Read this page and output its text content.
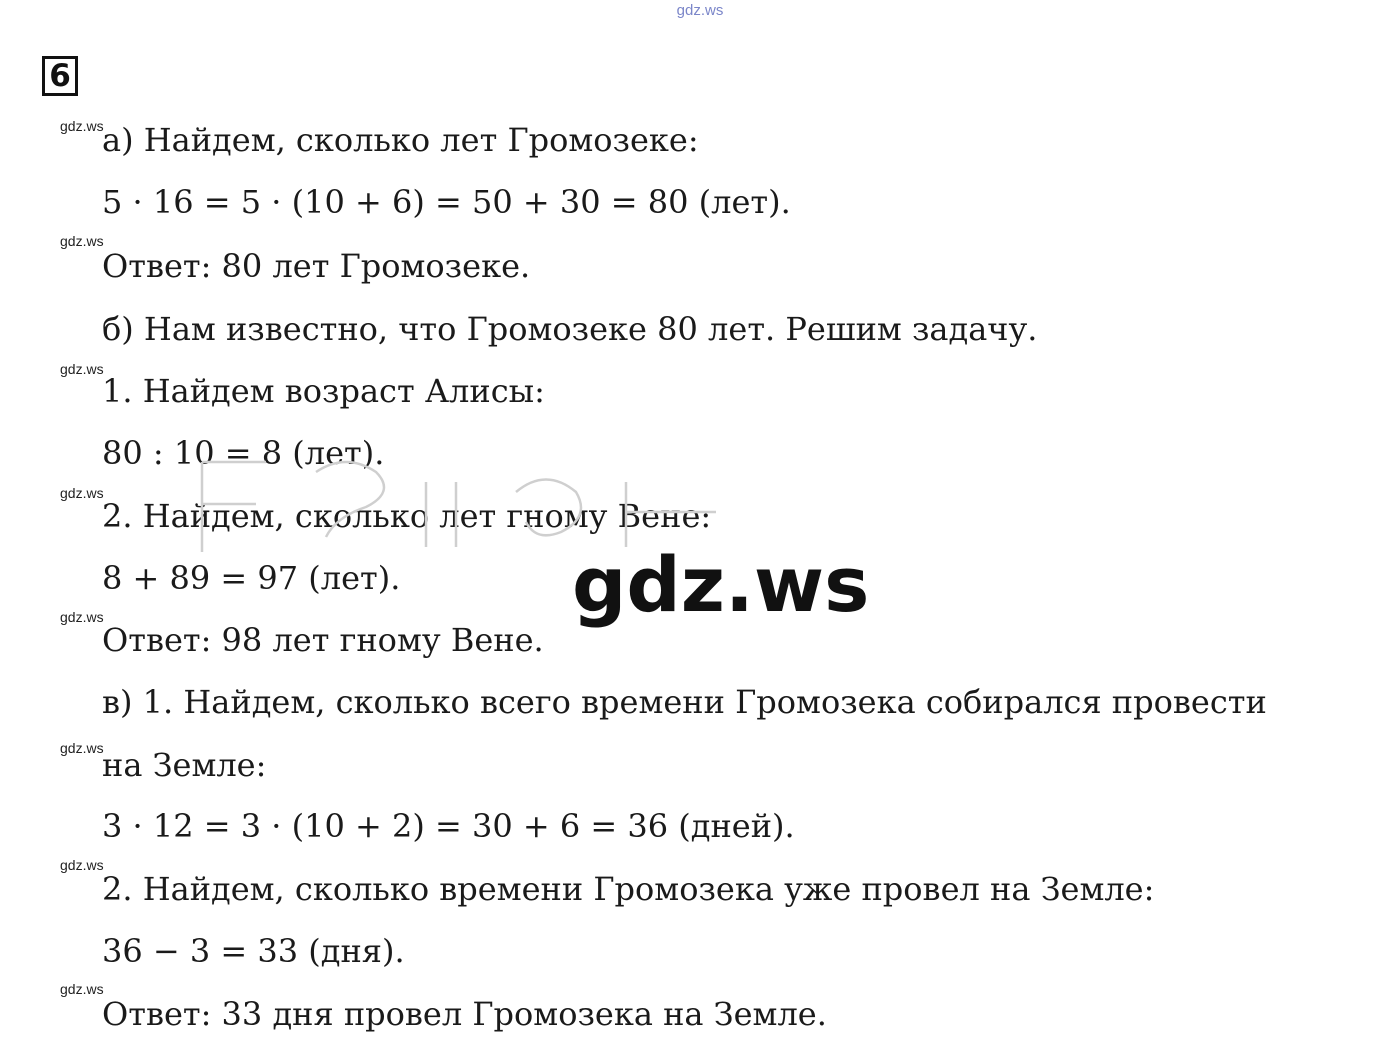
gdz.ws
6
gdz.ws
gdz.ws
gdz.ws
gdz.ws
gdz.ws
gdz.ws
gdz.ws
gdz.ws
а) Найдем, сколько лет Громозеке:
5 · 16 = 5 · (10 + 6) = 50 + 30 = 80 (лет).
Ответ: 80 лет Громозеке.
б) Нам известно, что Громозеке 80 лет. Решим задачу.
1. Найдем возраст Алисы:
80 : 10 = 8 (лет).
2. Найдем, сколько лет гному Вене:
8 + 89 = 97 (лет).
Ответ: 98 лет гному Вене.
в) 1. Найдем, сколько всего времени Громозека собирался провести
на Земле:
3 · 12 = 3 · (10 + 2) = 30 + 6 = 36 (дней).
2. Найдем, сколько времени Громозека уже провел на Земле:
36 − 3 = 33 (дня).
Ответ: 33 дня провел Громозека на Земле.
gdz.ws
